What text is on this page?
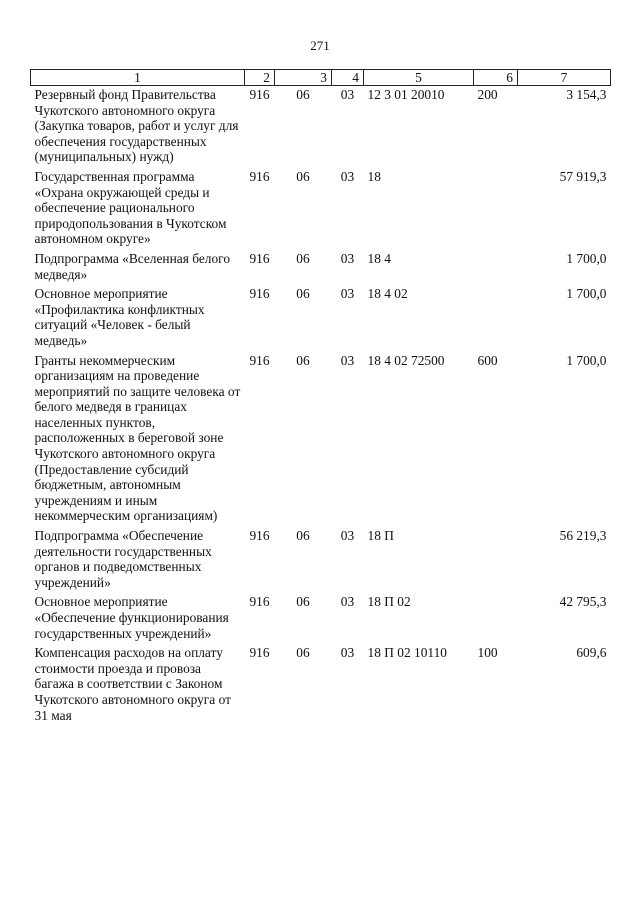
271
1	2	3	4	5	6	7
Резервный фонд Правительства Чукотского автономного округа (Закупка товаров, работ и услуг для обеспечения государственных (муниципальных) нужд)	916	06	03	12 3 01 20010	200	3 154,3
Государственная программа «Охрана окружающей среды и обеспечение рационального природопользования в Чукотском автономном округе»	916	06	03	18		57 919,3
Подпрограмма «Вселенная белого медведя»	916	06	03	18 4		1 700,0
Основное мероприятие «Профилактика конфликтных ситуаций «Человек - белый медведь»	916	06	03	18 4 02		1 700,0
Гранты некоммерческим организациям на проведение мероприятий по защите человека от белого медведя в границах населенных пунктов, расположенных в береговой зоне Чукотского автономного округа (Предоставление субсидий бюджетным, автономным учреждениям и иным некоммерческим организациям)	916	06	03	18 4 02 72500	600	1 700,0
Подпрограмма «Обеспечение деятельности государственных органов и подведомственных учреждений»	916	06	03	18 П		56 219,3
Основное мероприятие «Обеспечение функционирования государственных учреждений»	916	06	03	18 П 02		42 795,3
Компенсация расходов на оплату стоимости проезда и провоза багажа в соответствии с Законом Чукотского автономного округа от 31 мая	916	06	03	18 П 02 10110	100	609,6
